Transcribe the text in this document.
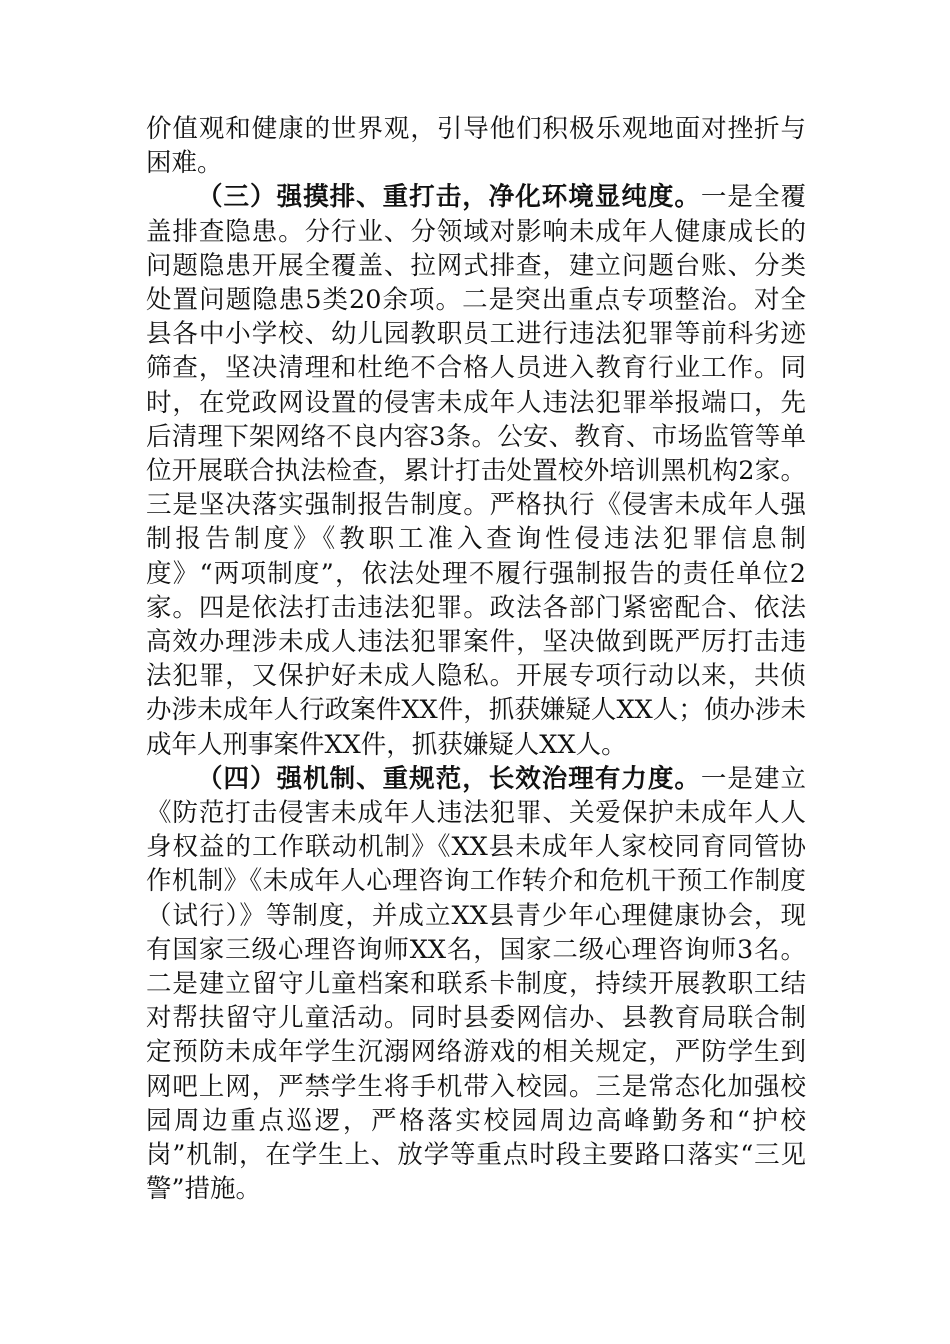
价值观和健康的世界观，引导他们积极乐观地面对挫折与困难。

（三）强摸排、重打击，净化环境显纯度。一是全覆盖排查隐患。分行业、分领域对影响未成年人健康成长的问题隐患开展全覆盖、拉网式排查，建立问题台账、分类处置问题隐患5类20余项。二是突出重点专项整治。对全县各中小学校、幼儿园教职员工进行违法犯罪等前科劣迹筛查，坚决清理和杜绝不合格人员进入教育行业工作。同时，在党政网设置的侵害未成年人违法犯罪举报端口，先后清理下架网络不良内容3条。公安、教育、市场监管等单位开展联合执法检查，累计打击处置校外培训黑机构2家。三是坚决落实强制报告制度。严格执行《侵害未成年人强制报告制度》《教职工准入查询性侵违法犯罪信息制度》“两项制度”，依法处理不履行强制报告的责任单位2家。四是依法打击违法犯罪。政法各部门紧密配合、依法高效办理涉未成人违法犯罪案件，坚决做到既严厉打击违法犯罪，又保护好未成人隐私。开展专项行动以来，共侦办涉未成年人行政案件XX件，抓获嫌疑人XX人；侦办涉未成年人刑事案件XX件，抓获嫌疑人XX人。

（四）强机制、重规范，长效治理有力度。一是建立《防范打击侵害未成年人违法犯罪、关爱保护未成年人人身权益的工作联动机制》《XX县未成年人家校同育同管协作机制》《未成年人心理咨询工作转介和危机干预工作制度（试行）》等制度，并成立XX县青少年心理健康协会，现有国家三级心理咨询师XX名，国家二级心理咨询师3名。二是建立留守儿童档案和联系卡制度，持续开展教职工结对帮扶留守儿童活动。同时县委网信办、县教育局联合制定预防未成年学生沉溺网络游戏的相关规定，严防学生到网吧上网，严禁学生将手机带入校园。三是常态化加强校园周边重点巡逻，严格落实校园周边高峰勤务和“护校岗”机制，在学生上、放学等重点时段主要路口落实“三见警”措施。
